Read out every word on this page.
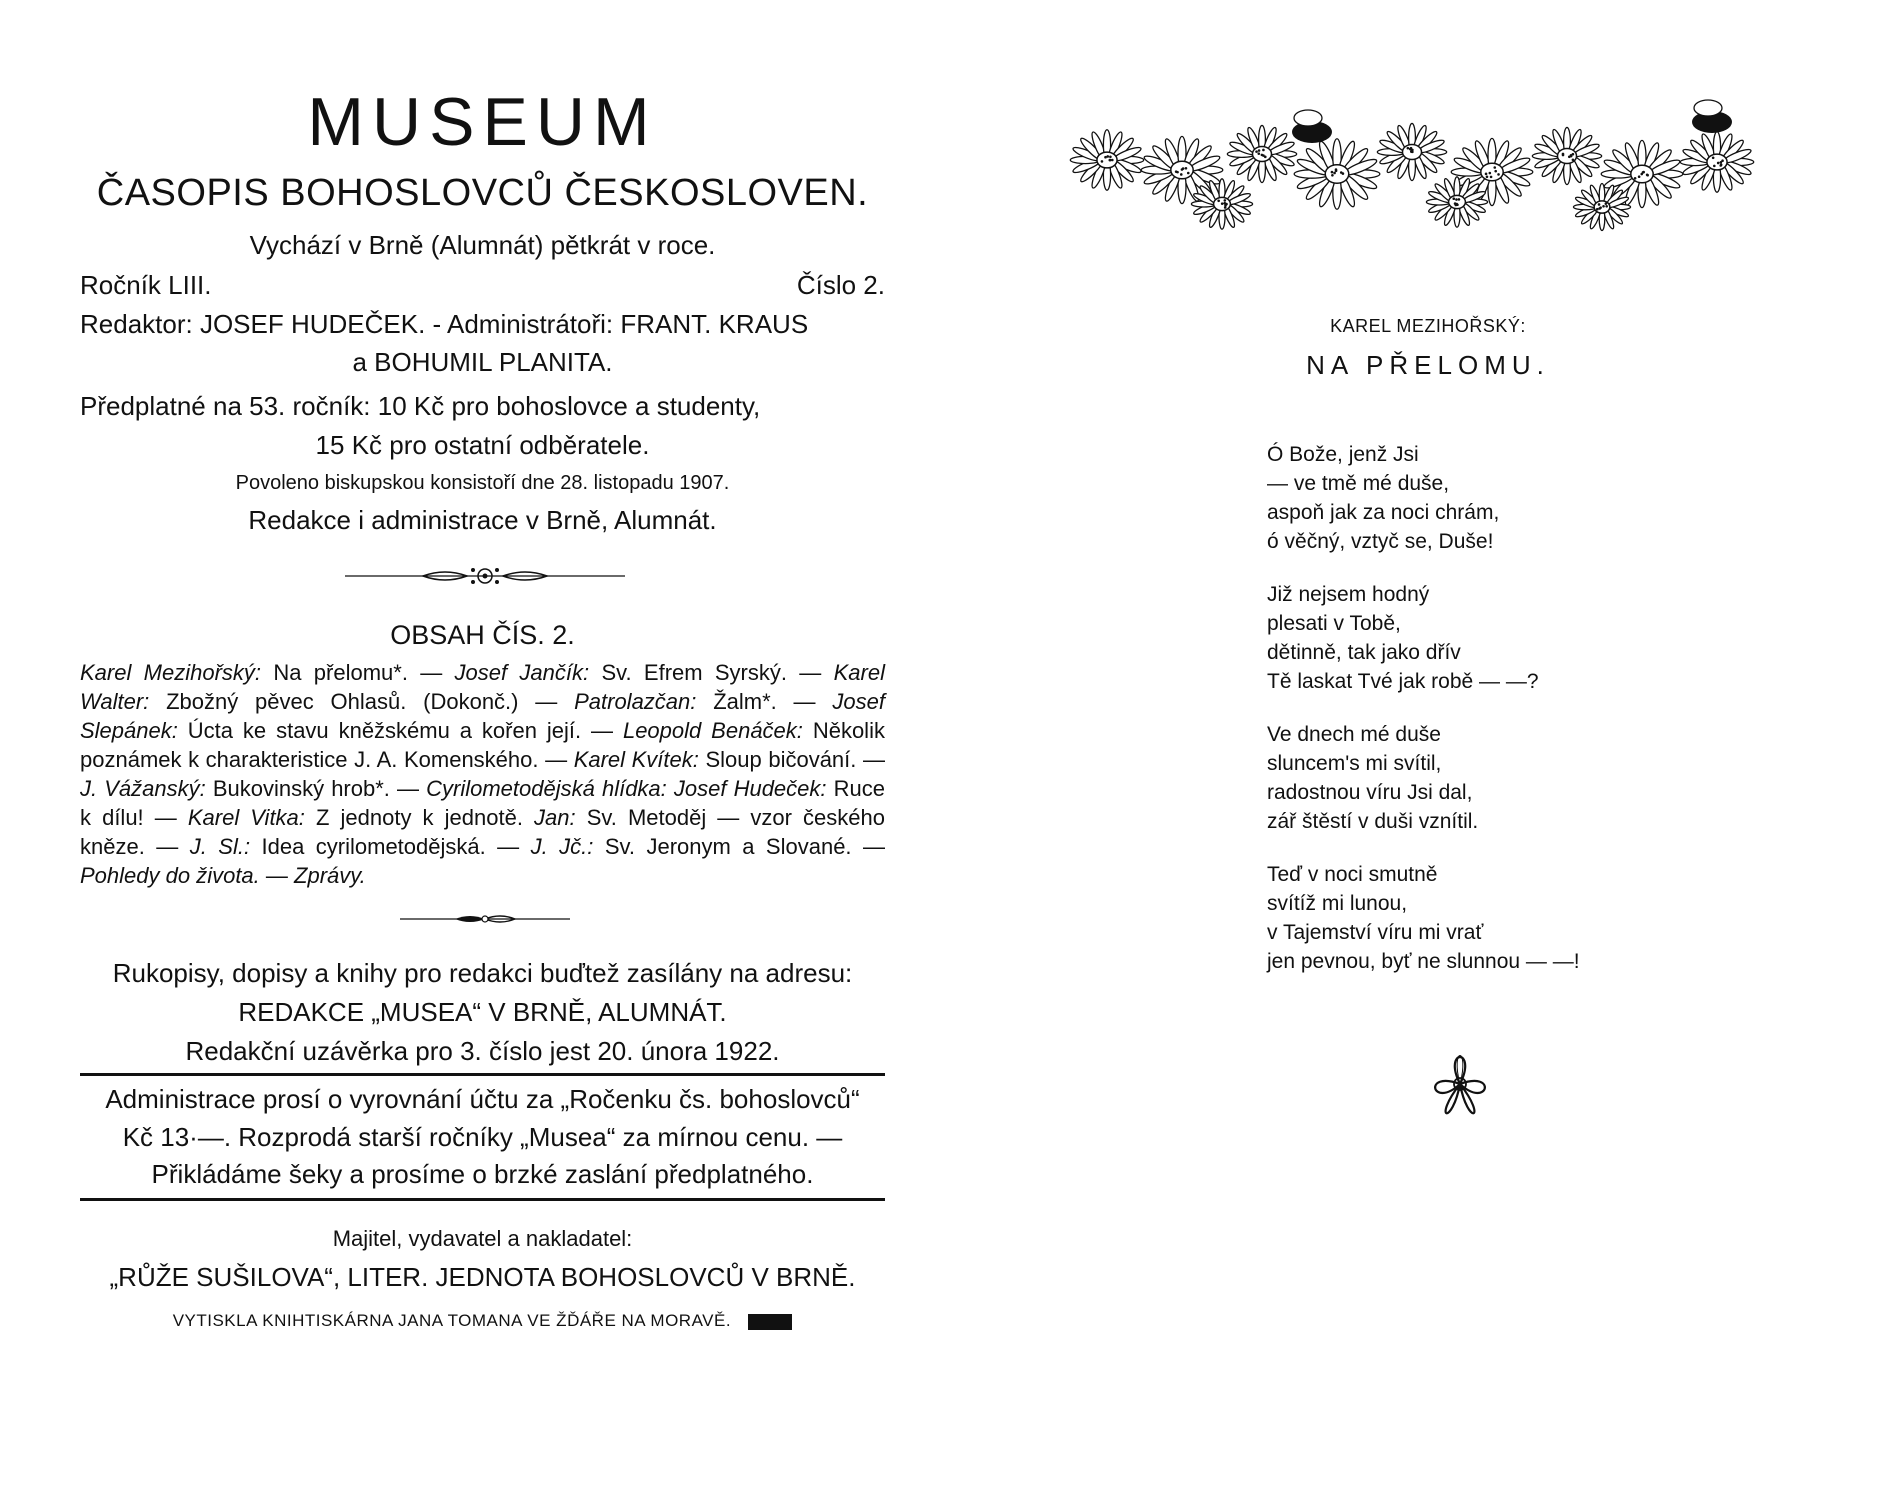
MUSEUM
ČASOPIS BOHOSLOVCŮ ČESKOSLOVEN.
Vychází v Brně (Alumnát) pětkrát v roce.
Ročník LIII.	Číslo 2.
Redaktor: JOSEF HUDEČEK. - Administrátoři: FRANT. KRAUS
a BOHUMIL PLANITA.
Předplatné na 53. ročník: 10 Kč pro bohoslovce a studenty,
15 Kč pro ostatní odběratele.
Povoleno biskupskou konsistoří dne 28. listopadu 1907.
Redakce i administrace v Brně, Alumnát.
OBSAH ČÍS. 2.
Karel Mezihořský: Na přelomu*. — Josef Jančík: Sv. Efrem Syrský. — Karel Walter: Zbožný pěvec Ohlasů. (Dokonč.) — Patrolazčan: Žalm*. — Josef Slepánek: Úcta ke stavu kněžskému a kořen její. — Leopold Benáček: Několik poznámek k charakteristice J. A. Komenského. — Karel Kvítek: Sloup bičování. — J. Vážanský: Bukovinský hrob*. — Cyrilometodějská hlídka: Josef Hudeček: Ruce k dílu! — Karel Vitka: Z jednoty k jednotě. Jan: Sv. Metoděj — vzor českého kněze. — J. Sl.: Idea cyrilometodějská. — J. Jč.: Sv. Jeronym a Slované. — Pohledy do života. — Zprávy.
Rukopisy, dopisy a knihy pro redakci buďtež zasílány na adresu:
REDAKCE „MUSEA“ V BRNĚ, ALUMNÁT.
Redakční uzávěrka pro 3. číslo jest 20. února 1922.
Administrace prosí o vyrovnání účtu za „Ročenku čs. bohoslovců“
Kč 13·—. Rozprodá starší ročníky „Musea“ za mírnou cenu. —
Přikládáme šeky a prosíme o brzké zaslání předplatného.
Majitel, vydavatel a nakladatel:
„RŮŽE SUŠILOVA“, LITER. JEDNOTA BOHOSLOVCŮ V BRNĚ.
VYTISKLA KNIHTISKÁRNA JANA TOMANA VE ŽĎÁŘE NA MORAVĚ.
KAREL MEZIHOŘSKÝ:
NA PŘELOMU.
Ó Bože, jenž Jsi
— ve tmě mé duše,
aspoň jak za noci chrám,
ó věčný, vztyč se, Duše!
Již nejsem hodný
plesati v Tobě,
dětinně, tak jako dřív
Tě laskat Tvé jak robě — —?
Ve dnech mé duše
sluncem's mi svítil,
radostnou víru Jsi dal,
zář štěstí v duši vznítil.
Teď v noci smutně
svítíž mi lunou,
v Tajemství víru mi vrať
jen pevnou, byť ne slunnou — —!
